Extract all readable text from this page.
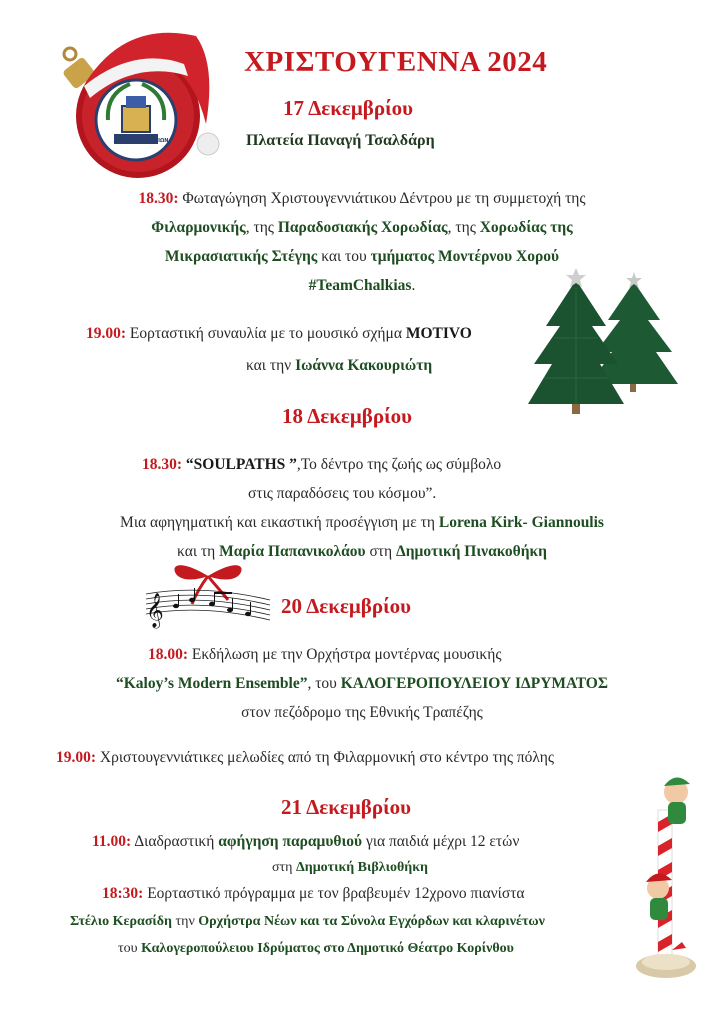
ΔΗΜΟΣ ΚΟΡΙΝΘΙΩΝ
ΧΡΙΣΤΟΥΓΕΝΝΑ 2024
17 Δεκεμβρίου
Πλατεία Παναγή Τσαλδάρη
18.30: Φωταγώγηση Χριστουγεννιάτικου Δέντρου με τη συμμετοχή της
Φιλαρμονικής, της Παραδοσιακής Χορωδίας, της Χορωδίας της
Μικρασιατικής Στέγης και του τμήματος Μοντέρνου Χορού
#TeamChalkias.
19.00: Εορταστική συναυλία με το μουσικό σχήμα MOTIVO
και την Ιωάννα Κακουριώτη
18 Δεκεμβρίου
18.30: “SOULPATHS ”,Το δέντρο της ζωής ως σύμβολο
στις παραδόσεις του κόσμου”.
Μια αφηγηματική και εικαστική προσέγγιση με τη Lorena Kirk- Giannoulis
και τη Μαρία Παπανικολάου στη Δημοτική Πινακοθήκη
𝄞	20 Δεκεμβρίου
18.00: Εκδήλωση με την Ορχήστρα μοντέρνας μουσικής
“Kaloy’s Modern Ensemble”, του ΚΑΛΟΓΕΡΟΠΟΥΛΕΙΟΥ ΙΔΡΥΜΑΤΟΣ
στον πεζόδρομο της Εθνικής Τραπέζης
19.00: Χριστουγεννιάτικες μελωδίες από τη Φιλαρμονική στο κέντρο της πόλης
21 Δεκεμβρίου
11.00: Διαδραστική αφήγηση παραμυθιού για παιδιά μέχρι 12 ετών
στη Δημοτική Βιβλιοθήκη
18:30: Εορταστικό πρόγραμμα με τον βραβευμέν 12χρονο πιανίστα
Στέλιο Κερασίδη την Ορχήστρα Νέων και τα Σύνολα Εγχόρδων και κλαρινέτων
του Καλογεροπούλειου Ιδρύματος στο Δημοτικό Θέατρο Κορίνθου
